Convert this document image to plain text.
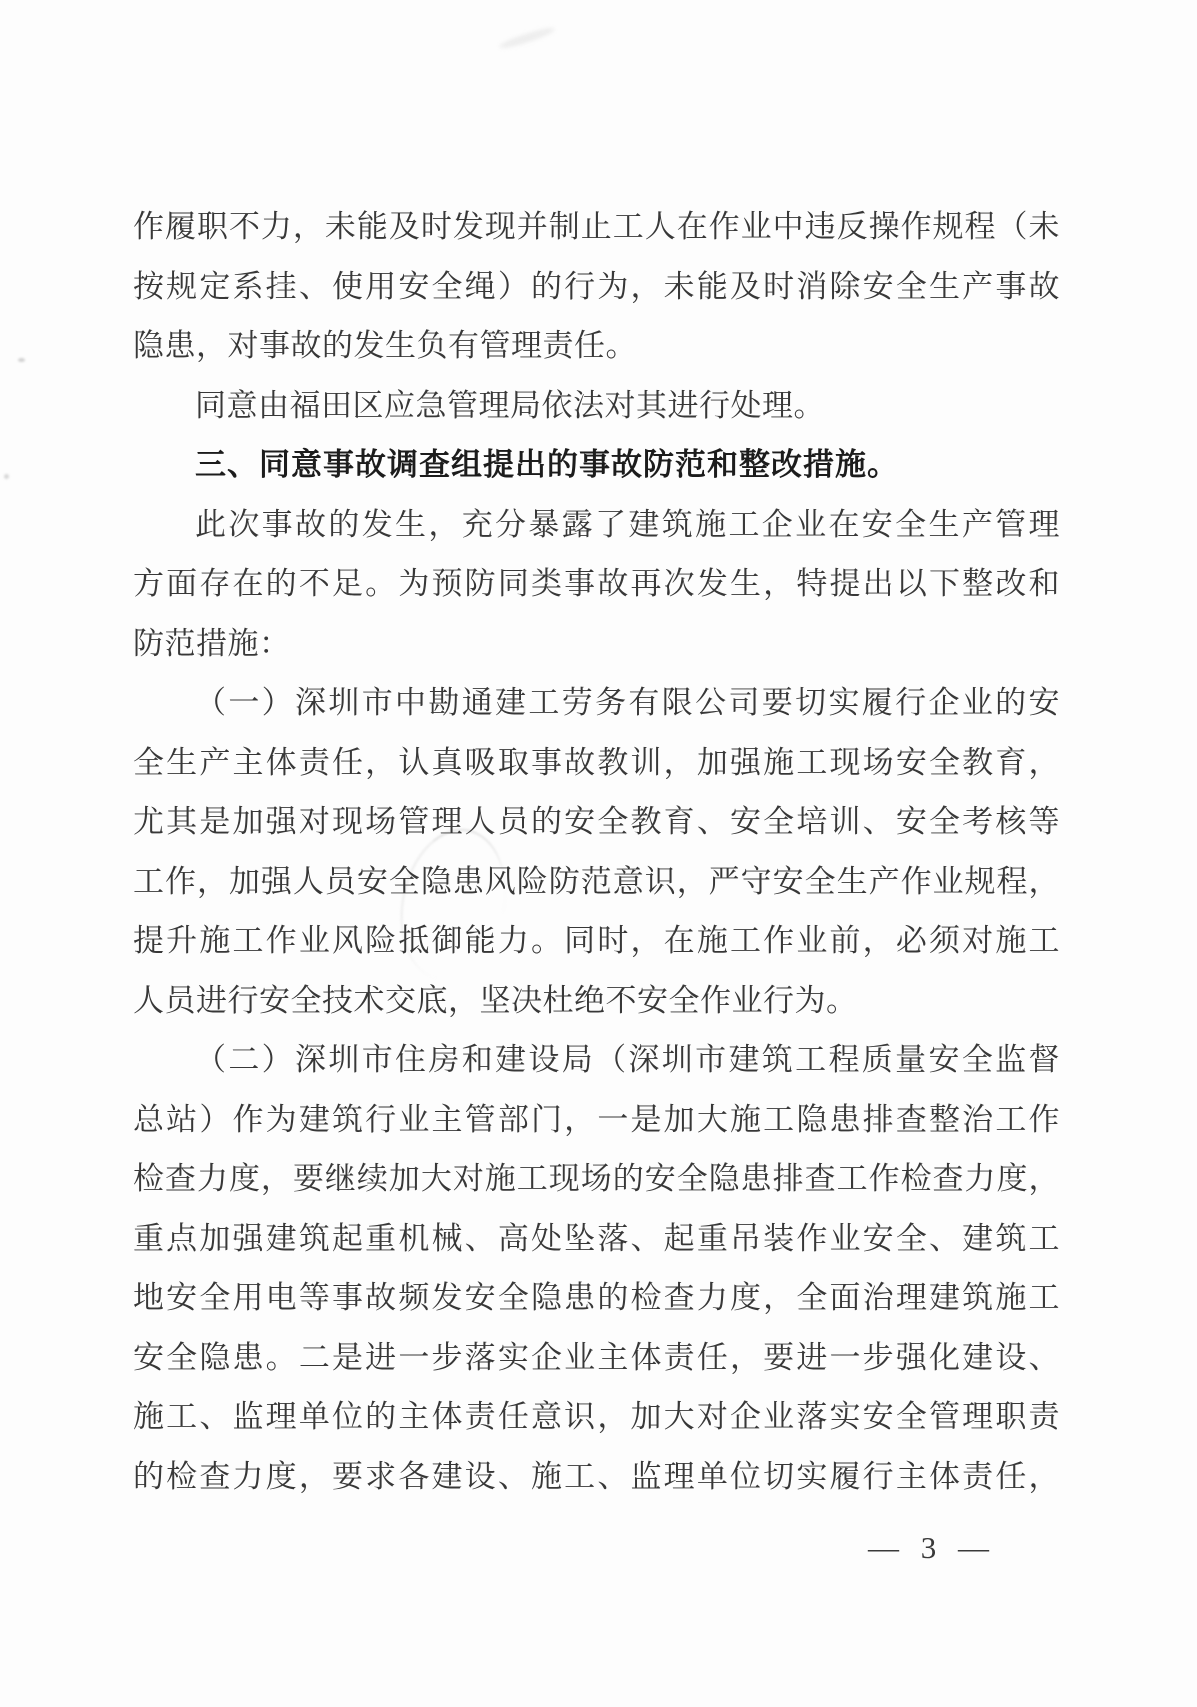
作履职不力，未能及时发现并制止工人在作业中违反操作规程（未
按规定系挂、使用安全绳）的行为，未能及时消除安全生产事故
隐患，对事故的发生负有管理责任。
同意由福田区应急管理局依法对其进行处理。
三、同意事故调查组提出的事故防范和整改措施。
此次事故的发生，充分暴露了建筑施工企业在安全生产管理
方面存在的不足。为预防同类事故再次发生，特提出以下整改和
防范措施：
（一）深圳市中勘通建工劳务有限公司要切实履行企业的安
全生产主体责任，认真吸取事故教训，加强施工现场安全教育，
尤其是加强对现场管理人员的安全教育、安全培训、安全考核等
工作，加强人员安全隐患风险防范意识，严守安全生产作业规程，
提升施工作业风险抵御能力。同时，在施工作业前，必须对施工
人员进行安全技术交底，坚决杜绝不安全作业行为。
（二）深圳市住房和建设局（深圳市建筑工程质量安全监督
总站）作为建筑行业主管部门，一是加大施工隐患排查整治工作
检查力度，要继续加大对施工现场的安全隐患排查工作检查力度，
重点加强建筑起重机械、高处坠落、起重吊装作业安全、建筑工
地安全用电等事故频发安全隐患的检查力度，全面治理建筑施工
安全隐患。二是进一步落实企业主体责任，要进一步强化建设、
施工、监理单位的主体责任意识，加大对企业落实安全管理职责
的检查力度，要求各建设、施工、监理单位切实履行主体责任，
— 3 —
